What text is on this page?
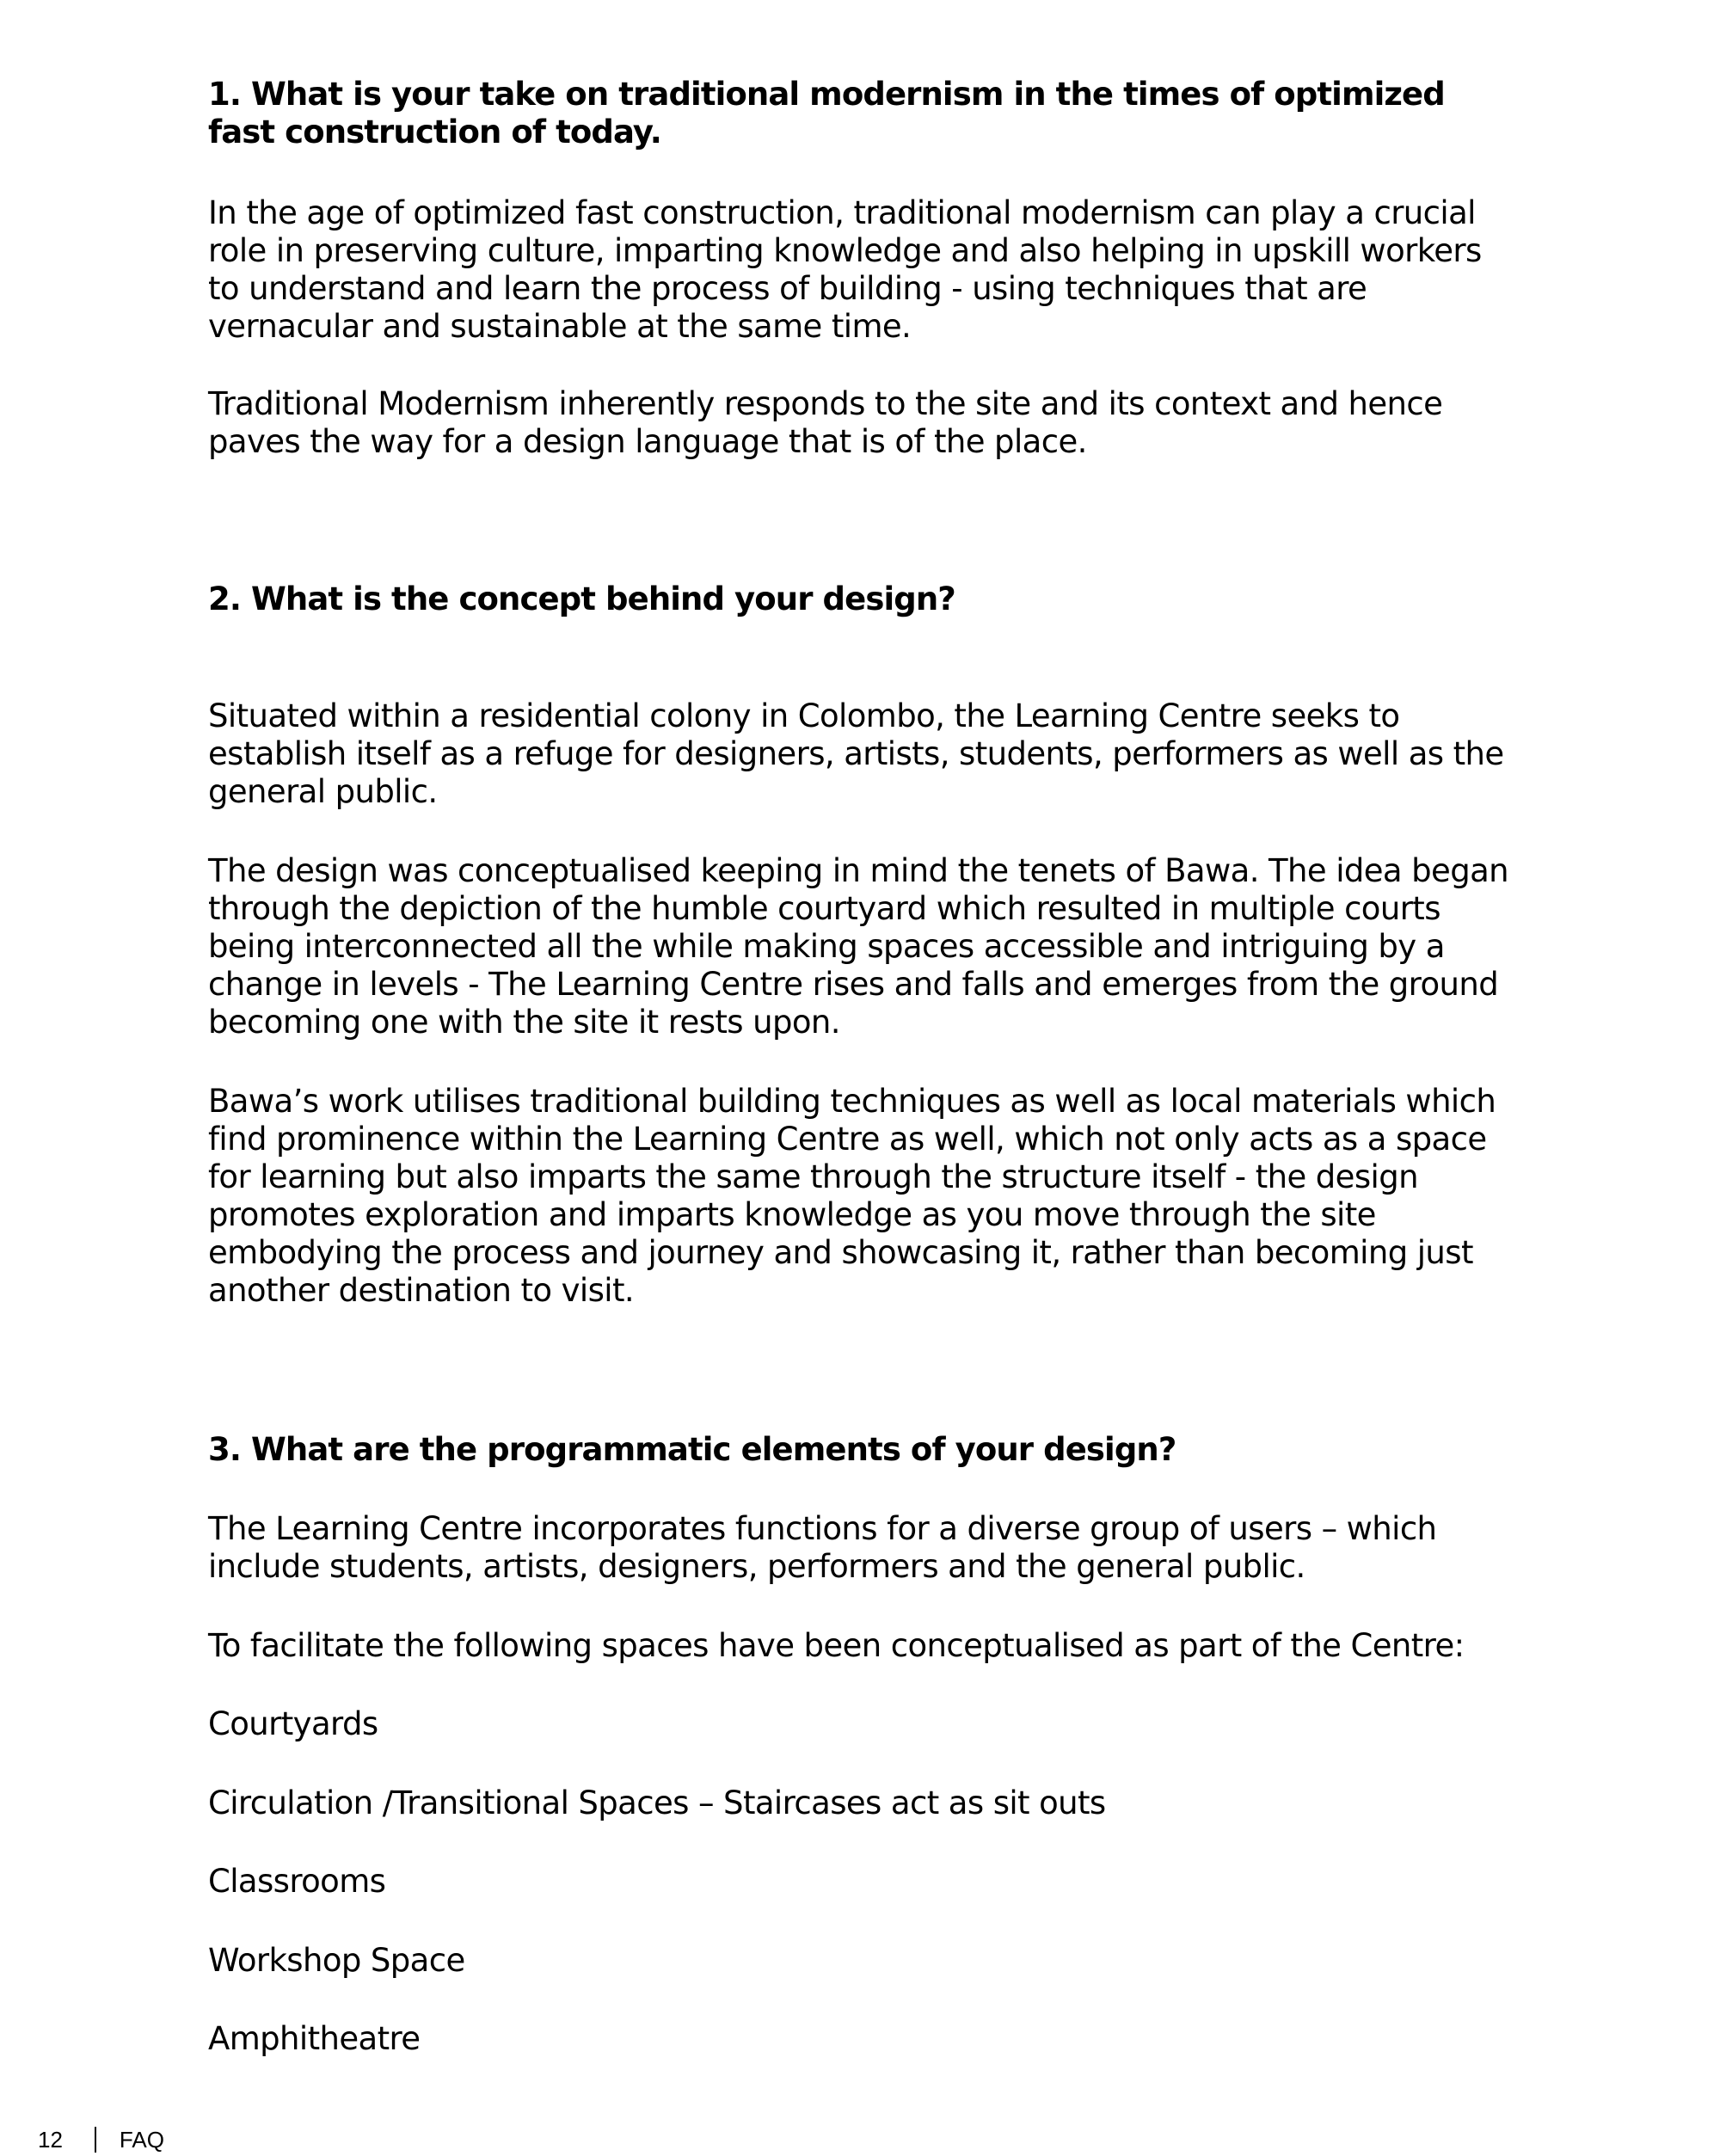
1. What is your take on traditional modernism in the times of optimized fast construction of today.

In the age of optimized fast construction, traditional modernism can play a crucial role in preserving culture, imparting knowledge and also helping in upskill workers to understand and learn the process of building - using techniques that are vernacular and sustainable at the same time.

Traditional Modernism inherently responds to the site and its context and hence paves the way for a design language that is of the place.

2. What is the concept behind your design?

Situated within a residential colony in Colombo, the Learning Centre seeks to establish itself as a refuge for designers, artists, students, performers as well as the general public.

The design was conceptualised keeping in mind the tenets of Bawa. The idea began through the depiction of the humble courtyard which resulted in multiple courts being interconnected all the while making spaces accessible and intriguing by a change in levels - The Learning Centre rises and falls and emerges from the ground becoming one with the site it rests upon.

Bawa’s work utilises traditional building techniques as well as local materials which find prominence within the Learning Centre as well, which not only acts as a space for learning but also imparts the same through the structure itself - the design promotes exploration and imparts knowledge as you move through the site embodying the process and journey and showcasing it, rather than becoming just another destination to visit.

3. What are the programmatic elements of your design?

The Learning Centre incorporates functions for a diverse group of users – which include students, artists, designers, performers and the general public.

To facilitate the following spaces have been conceptualised as part of the Centre:

Courtyards

Circulation /Transitional Spaces – Staircases act as sit outs

Classrooms

Workshop Space

Amphitheatre

12	FAQ
